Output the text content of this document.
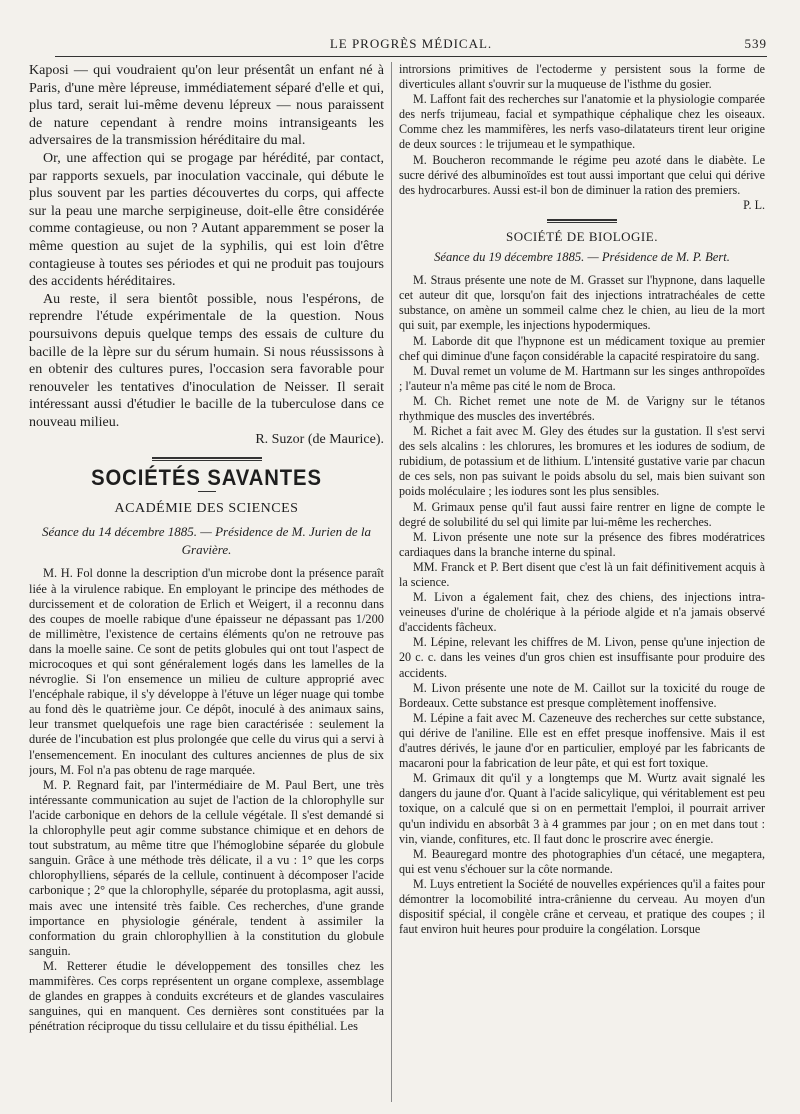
LE PROGRÈS MÉDICAL.	539

Kaposi — qui voudraient qu'on leur présentât un enfant né à Paris, d'une mère lépreuse, immédiatement séparé d'elle et qui, plus tard, serait lui-même devenu lépreux — nous paraissent de nature cependant à rendre moins intransigeants les adversaires de la transmission héréditaire du mal.

Or, une affection qui se progage par hérédité, par contact, par rapports sexuels, par inoculation vaccinale, qui débute le plus souvent par les parties découvertes du corps, qui affecte sur la peau une marche serpigineuse, doit-elle être considérée comme contagieuse, ou non ? Autant apparemment se poser la même question au sujet de la syphilis, qui est loin d'être contagieuse à toutes ses périodes et qui ne produit pas toujours des accidents héréditaires.

Au reste, il sera bientôt possible, nous l'espérons, de reprendre l'étude expérimentale de la question. Nous poursuivons depuis quelque temps des essais de culture du bacille de la lèpre sur du sérum humain. Si nous réussissons à en obtenir des cultures pures, l'occasion sera favorable pour renouveler les tentatives d'inoculation de Neisser. Il serait intéressant aussi d'étudier le bacille de la tuberculose dans ce nouveau milieu.

R. Suzor (de Maurice).
SOCIÉTÉS SAVANTES
ACADÉMIE DES SCIENCES
Séance du 14 décembre 1885. — Présidence de M. Jurien de la Gravière.

M. H. Fol donne la description d'un microbe dont la présence paraît liée à la virulence rabique. En employant le principe des méthodes de durcissement et de coloration de Erlich et Weigert, il a reconnu dans des coupes de moelle rabique d'une épaisseur ne dépassant pas 1/200 de millimètre, l'existence de certains éléments qu'on ne retrouve pas dans la moelle saine. Ce sont de petits globules qui ont tout l'aspect de microcoques et qui sont généralement logés dans les lamelles de la névroglie. Si l'on ensemence un milieu de culture approprié avec l'encéphale rabique, il s'y développe à l'étuve un léger nuage qui tombe au fond dès le quatrième jour. Ce dépôt, inoculé à des animaux sains, leur transmet quelquefois une rage bien caractérisée : seulement la durée de l'incubation est plus prolongée que celle du virus qui a servi à l'ensemencement. En inoculant des cultures anciennes de plus de six jours, M. Fol n'a pas obtenu de rage marquée.

M. P. Regnard fait, par l'intermédiaire de M. Paul Bert, une très intéressante communication au sujet de l'action de la chlorophylle sur l'acide carbonique en dehors de la cellule végétale. Il s'est demandé si la chlorophylle peut agir comme substance chimique et en dehors de tout substratum, au même titre que l'hémoglobine séparée du globule sanguin. Grâce à une méthode très délicate, il a vu : 1° que les corps chlorophylliens, séparés de la cellule, continuent à décomposer l'acide carbonique ; 2° que la chlorophylle, séparée du protoplasma, agit aussi, mais avec une intensité très faible. Ces recherches, d'une grande importance en physiologie générale, tendent à assimiler la conformation du grain chlorophyllien à la constitution du globule sanguin.

M. Retterer étudie le développement des tonsilles chez les mammifères. Ces corps représentent un organe complexe, assemblage de glandes en grappes à conduits excréteurs et de glandes vasculaires sanguines, qui en manquent. Ces dernières sont constituées par la pénétration réciproque du tissu cellulaire et du tissu épithélial. Les

introrsions primitives de l'ectoderme y persistent sous la forme de diverticules allant s'ouvrir sur la muqueuse de l'isthme du gosier.

M. Laffont fait des recherches sur l'anatomie et la physiologie comparée des nerfs trijumeau, facial et sympathique céphalique chez les oiseaux. Comme chez les mammifères, les nerfs vaso-dilatateurs tirent leur origine de deux sources : le trijumeau et le sympathique.

M. Boucheron recommande le régime peu azoté dans le diabète. Le sucre dérivé des albuminoïdes est tout aussi important que celui qui dérive des hydrocarbures. Aussi est-il bon de diminuer la ration des premiers.

P. L.
SOCIÉTÉ DE BIOLOGIE.
Séance du 19 décembre 1885. — Présidence de M. P. Bert.

M. Straus présente une note de M. Grasset sur l'hypnone, dans laquelle cet auteur dit que, lorsqu'on fait des injections intratrachéales de cette substance, on amène un sommeil calme chez le chien, au lieu de la mort qui suit, par exemple, les injections hypodermiques.

M. Laborde dit que l'hypnone est un médicament toxique au premier chef qui diminue d'une façon considérable la capacité respiratoire du sang.

M. Duval remet un volume de M. Hartmann sur les singes anthropoïdes ; l'auteur n'a même pas cité le nom de Broca.

M. Ch. Richet remet une note de M. de Varigny sur le tétanos rhythmique des muscles des invertébrés.

M. Richet a fait avec M. Gley des études sur la gustation. Il s'est servi des sels alcalins : les chlorures, les bromures et les iodures de sodium, de rubidium, de potassium et de lithium. L'intensité gustative varie par chacun de ces sels, non pas suivant le poids absolu du sel, mais bien suivant son poids moléculaire ; les iodures sont les plus sensibles.

M. Grimaux pense qu'il faut aussi faire rentrer en ligne de compte le degré de solubilité du sel qui limite par lui-même les recherches.

M. Livon présente une note sur la présence des fibres modératrices cardiaques dans la branche interne du spinal.

MM. Franck et P. Bert disent que c'est là un fait définitivement acquis à la science.

M. Livon a également fait, chez des chiens, des injections intra-veineuses d'urine de cholérique à la période algide et n'a jamais observé d'accidents fâcheux.

M. Lépine, relevant les chiffres de M. Livon, pense qu'une injection de 20 c. c. dans les veines d'un gros chien est insuffisante pour produire des accidents.

M. Livon présente une note de M. Caillot sur la toxicité du rouge de Bordeaux. Cette substance est presque complètement inoffensive.

M. Lépine a fait avec M. Cazeneuve des recherches sur cette substance, qui dérive de l'aniline. Elle est en effet presque inoffensive. Mais il est d'autres dérivés, le jaune d'or en particulier, employé par les fabricants de macaroni pour la fabrication de leur pâte, et qui est fort toxique.

M. Grimaux dit qu'il y a longtemps que M. Wurtz avait signalé les dangers du jaune d'or. Quant à l'acide salicylique, qui véritablement est peu toxique, on a calculé que si on en permettait l'emploi, il pourrait arriver qu'un individu en absorbât 3 à 4 grammes par jour ; on en met dans tout : vin, viande, confitures, etc. Il faut donc le proscrire avec énergie.

M. Beauregard montre des photographies d'un cétacé, une megaptera, qui est venu s'échouer sur la côte normande.

M. Luys entretient la Société de nouvelles expériences qu'il a faites pour démontrer la locomobilité intra-crânienne du cerveau. Au moyen d'un dispositif spécial, il congèle crâne et cerveau, et pratique des coupes ; il faut environ huit heures pour produire la congélation. Lorsque
